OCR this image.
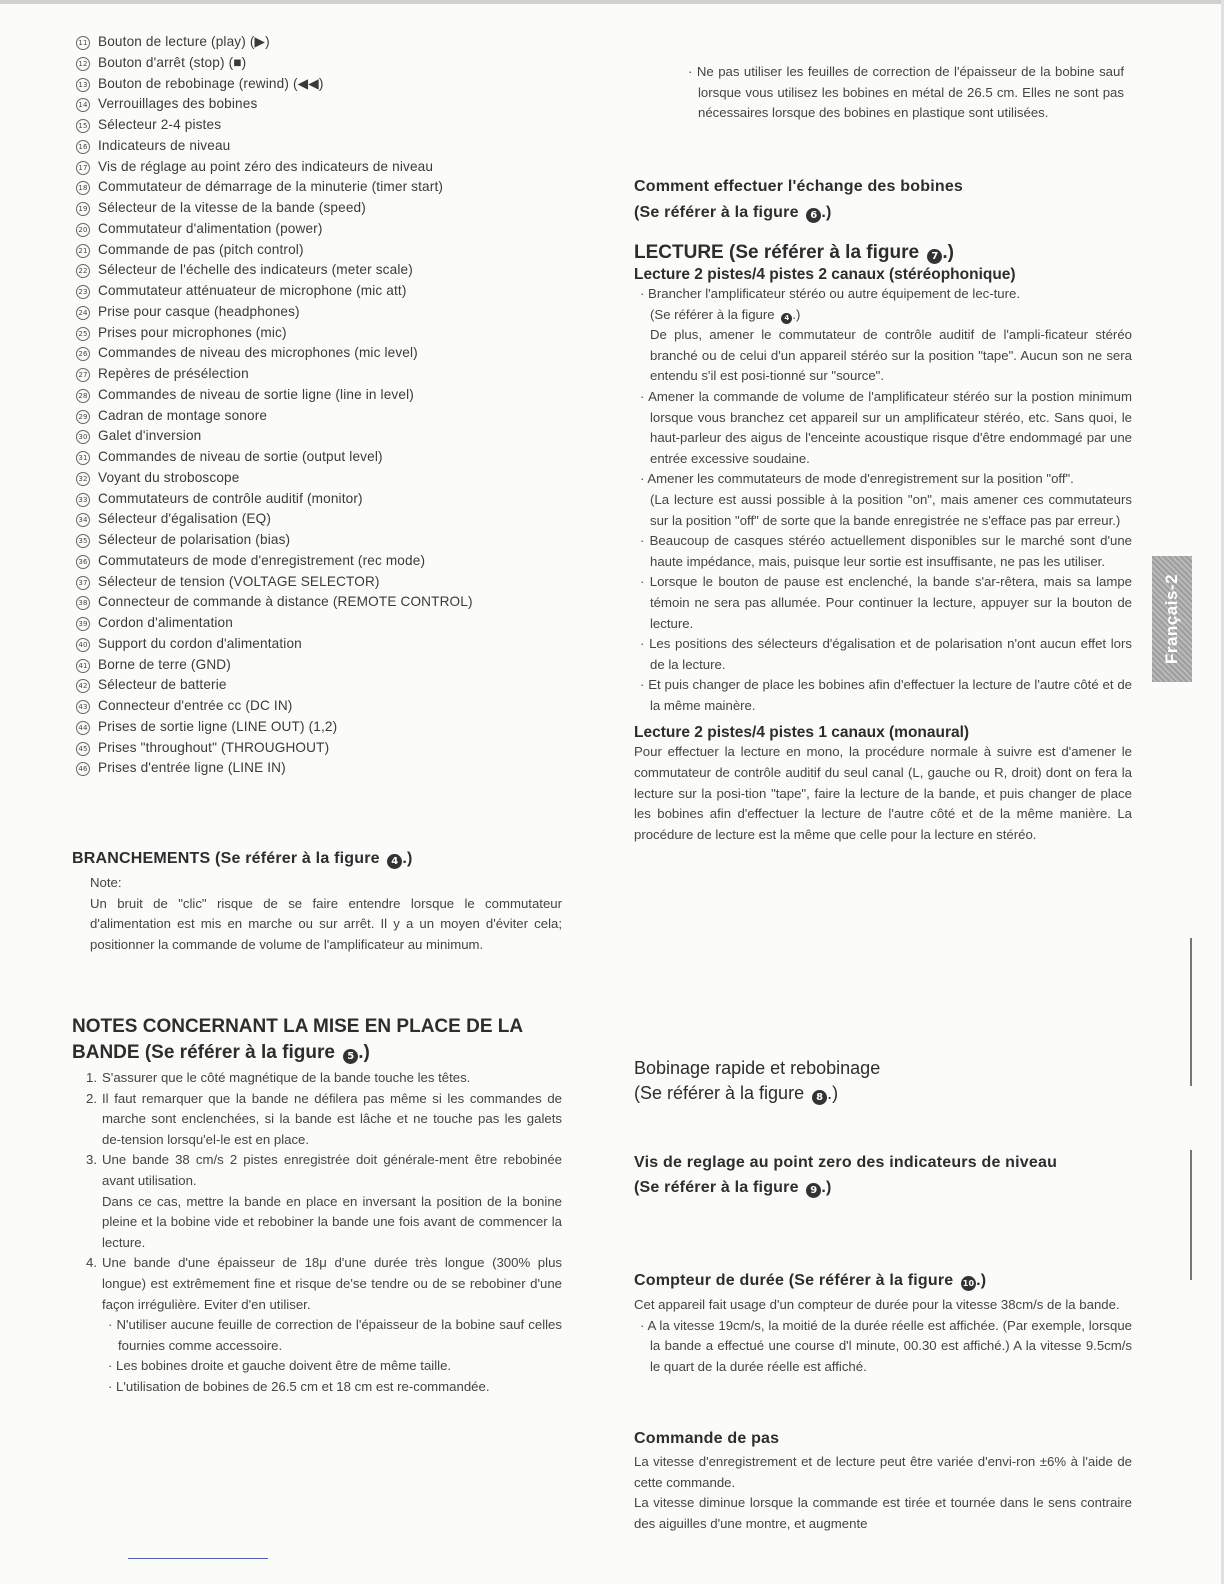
11 Bouton de lecture (play) (▶)
12 Bouton d'arrêt (stop) (■)
13 Bouton de rebobinage (rewind) (◀◀)
14 Verrouillages des bobines
15 Sélecteur 2-4 pistes
16 Indicateurs de niveau
17 Vis de réglage au point zéro des indicateurs de niveau
18 Commutateur de démarrage de la minuterie (timer start)
19 Sélecteur de la vitesse de la bande (speed)
20 Commutateur d'alimentation (power)
21 Commande de pas (pitch control)
22 Sélecteur de l'échelle des indicateurs (meter scale)
23 Commutateur atténuateur de microphone (mic att)
24 Prise pour casque (headphones)
25 Prises pour microphones (mic)
26 Commandes de niveau des microphones (mic level)
27 Repères de présélection
28 Commandes de niveau de sortie ligne (line in level)
29 Cadran de montage sonore
30 Galet d'inversion
31 Commandes de niveau de sortie (output level)
32 Voyant du stroboscope
33 Commutateurs de contrôle auditif (monitor)
34 Sélecteur d'égalisation (EQ)
35 Sélecteur de polarisation (bias)
36 Commutateurs de mode d'enregistrement (rec mode)
37 Sélecteur de tension (VOLTAGE SELECTOR)
38 Connecteur de commande à distance (REMOTE CONTROL)
39 Cordon d'alimentation
40 Support du cordon d'alimentation
41 Borne de terre (GND)
42 Sélecteur de batterie
43 Connecteur d'entrée cc (DC IN)
44 Prises de sortie ligne (LINE OUT) (1,2)
45 Prises "throughout" (THROUGHOUT)
46 Prises d'entrée ligne (LINE IN)
BRANCHEMENTS (Se référer à la figure 4 .)

Note:

Un bruit de "clic" risque de se faire entendre lorsque le commutateur d'alimentation est mis en marche ou sur arrêt. Il y a un moyen d'éviter cela; positionner la commande de volume de l'amplificateur au minimum.

NOTES CONCERNANT LA MISE EN PLACE DE LA
BANDE (Se référer à la figure 5 .)
1. S'assurer que le côté magnétique de la bande touche les têtes.
2. Il faut remarquer que la bande ne défilera pas même si les commandes de marche sont enclenchées, si la bande est lâche et ne touche pas les galets de-tension lorsqu'el-le est en place.
3. Une bande 38 cm/s 2 pistes enregistrée doit générale-ment être rebobinée avant utilisation.
Dans ce cas, mettre la bande en place en inversant la position de la bonine pleine et la bobine vide et rebobiner la bande une fois avant de commencer la lecture.
4. Une bande d'une épaisseur de 18μ d'une durée très longue (300% plus longue) est extrêmement fine et risque de'se tendre ou de se rebobiner d'une façon irrégulière. Eviter d'en utiliser.
· N'utiliser aucune feuille de correction de l'épaisseur de la bobine sauf celles fournies comme accessoire.
· Les bobines droite et gauche doivent être de même taille.
· L'utilisation de bobines de 26.5 cm et 18 cm est re-commandée.

· Ne pas utiliser les feuilles de correction de l'épaisseur de la bobine sauf lorsque vous utilisez les bobines en métal de 26.5 cm. Elles ne sont pas nécessaires lorsque des bobines en plastique sont utilisées.

Comment effectuer l'échange des bobines
(Se référer à la figure 6 .)
LECTURE (Se référer à la figure 7 .)
Lecture 2 pistes/4 pistes 2 canaux (stéréophonique)

· Brancher l'amplificateur stéréo ou autre équipement de lec-ture.

(Se référer à la figure 4 .)

De plus, amener le commutateur de contrôle auditif de l'ampli-ficateur stéréo branché ou de celui d'un appareil stéréo sur la position "tape". Aucun son ne sera entendu s'il est posi-tionné sur "source".

· Amener la commande de volume de l'amplificateur stéréo sur la postion minimum lorsque vous branchez cet appareil sur un amplificateur stéréo, etc. Sans quoi, le haut-parleur des aigus de l'enceinte acoustique risque d'être endommagé par une entrée excessive soudaine.

· Amener les commutateurs de mode d'enregistrement sur la position "off".

(La lecture est aussi possible à la position "on", mais amener ces commutateurs sur la position "off" de sorte que la bande enregistrée ne s'efface pas par erreur.)

· Beaucoup de casques stéréo actuellement disponibles sur le marché sont d'une haute impédance, mais, puisque leur sortie est insuffisante, ne pas les utiliser.

· Lorsque le bouton de pause est enclenché, la bande s'ar-rêtera, mais sa lampe témoin ne sera pas allumée. Pour continuer la lecture, appuyer sur la bouton de lecture.

· Les positions des sélecteurs d'égalisation et de polarisation n'ont aucun effet lors de la lecture.

· Et puis changer de place les bobines afin d'effectuer la lecture de l'autre côté et de la même mainère.

Lecture 2 pistes/4 pistes 1 canaux (monaural)

Pour effectuer la lecture en mono, la procédure normale à suivre est d'amener le commutateur de contrôle auditif du seul canal (L, gauche ou R, droit) dont on fera la lecture sur la posi-tion "tape", faire la lecture de la bande, et puis changer de place les bobines afin d'effectuer la lecture de l'autre côté et de la même manière. La procédure de lecture est la même que celle pour la lecture en stéréo.

Bobinage rapide et rebobinage
(Se référer à la figure 8 .)
Vis de reglage au point zero des indicateurs de niveau
(Se référer à la figure 9 .)
Compteur de durée (Se référer à la figure 10 .)

Cet appareil fait usage d'un compteur de durée pour la vitesse 38cm/s de la bande.

· A la vitesse 19cm/s, la moitié de la durée réelle est affichée. (Par exemple, lorsque la bande a effectué une course d'l minute, 00.30 est affiché.) A la vitesse 9.5cm/s le quart de la durée réelle est affiché.

Commande de pas

La vitesse d'enregistrement et de lecture peut être variée d'envi-ron ±6% à l'aide de cette commande.

La vitesse diminue lorsque la commande est tirée et tournée dans le sens contraire des aiguilles d'une montre, et augmente

Français-2
